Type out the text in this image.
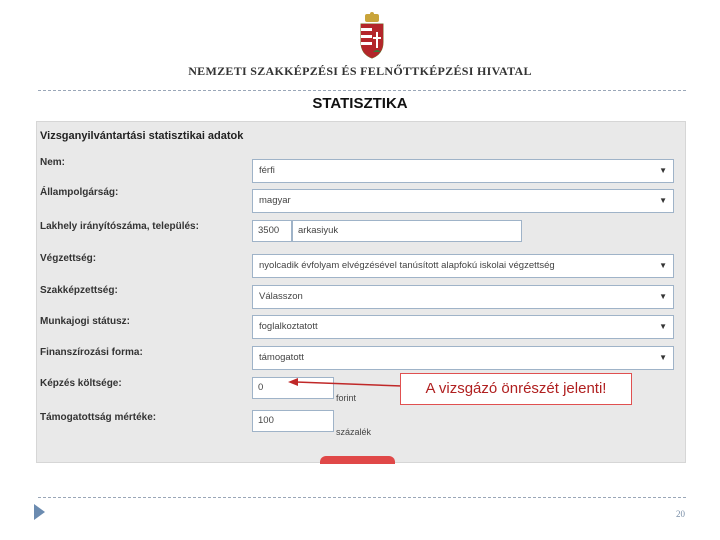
NEMZETI SZAKKÉPZÉSI ÉS FELNŐTTKÉPZÉSI HIVATAL
STATISZTIKA
Vizsganyilvántartási statisztikai adatok
Nem:
férfi	▼
Állampolgárság:
magyar	▼
Lakhely irányítószáma, település:	3500	arkasiyuk
Végzettség:
nyolcadik évfolyam elvégzésével tanúsított alapfokú iskolai végzettség	▼
Szakképzettség:
Válasszon	▼
Munkajogi státusz:	foglalkoztatott	▼
Finanszírozási forma:	támogatott	▼
Képzés költsége:	0
forint
Támogatottság mértéke:	100
százalék
A vizsgázó önrészét jelenti!
20
